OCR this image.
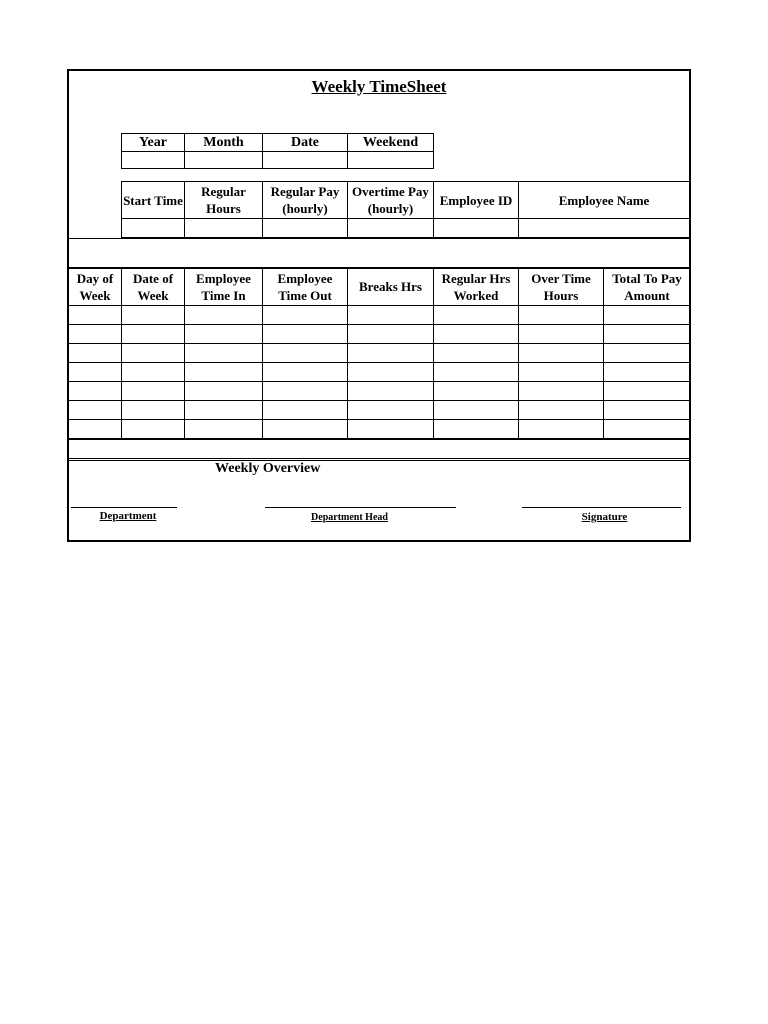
Weekly TimeSheet
Year	Month	Date	Weekend

Start Time	Regular Hours	Regular Pay (hourly)	Overtime Pay (hourly)	Employee ID	Employee Name

Day of Week	Date of Week	Employee Time In	Employee Time Out	Breaks Hrs	Regular Hrs Worked	Over Time Hours	Total To Pay Amount

Weekly Overview
Department	Department Head	Signature
